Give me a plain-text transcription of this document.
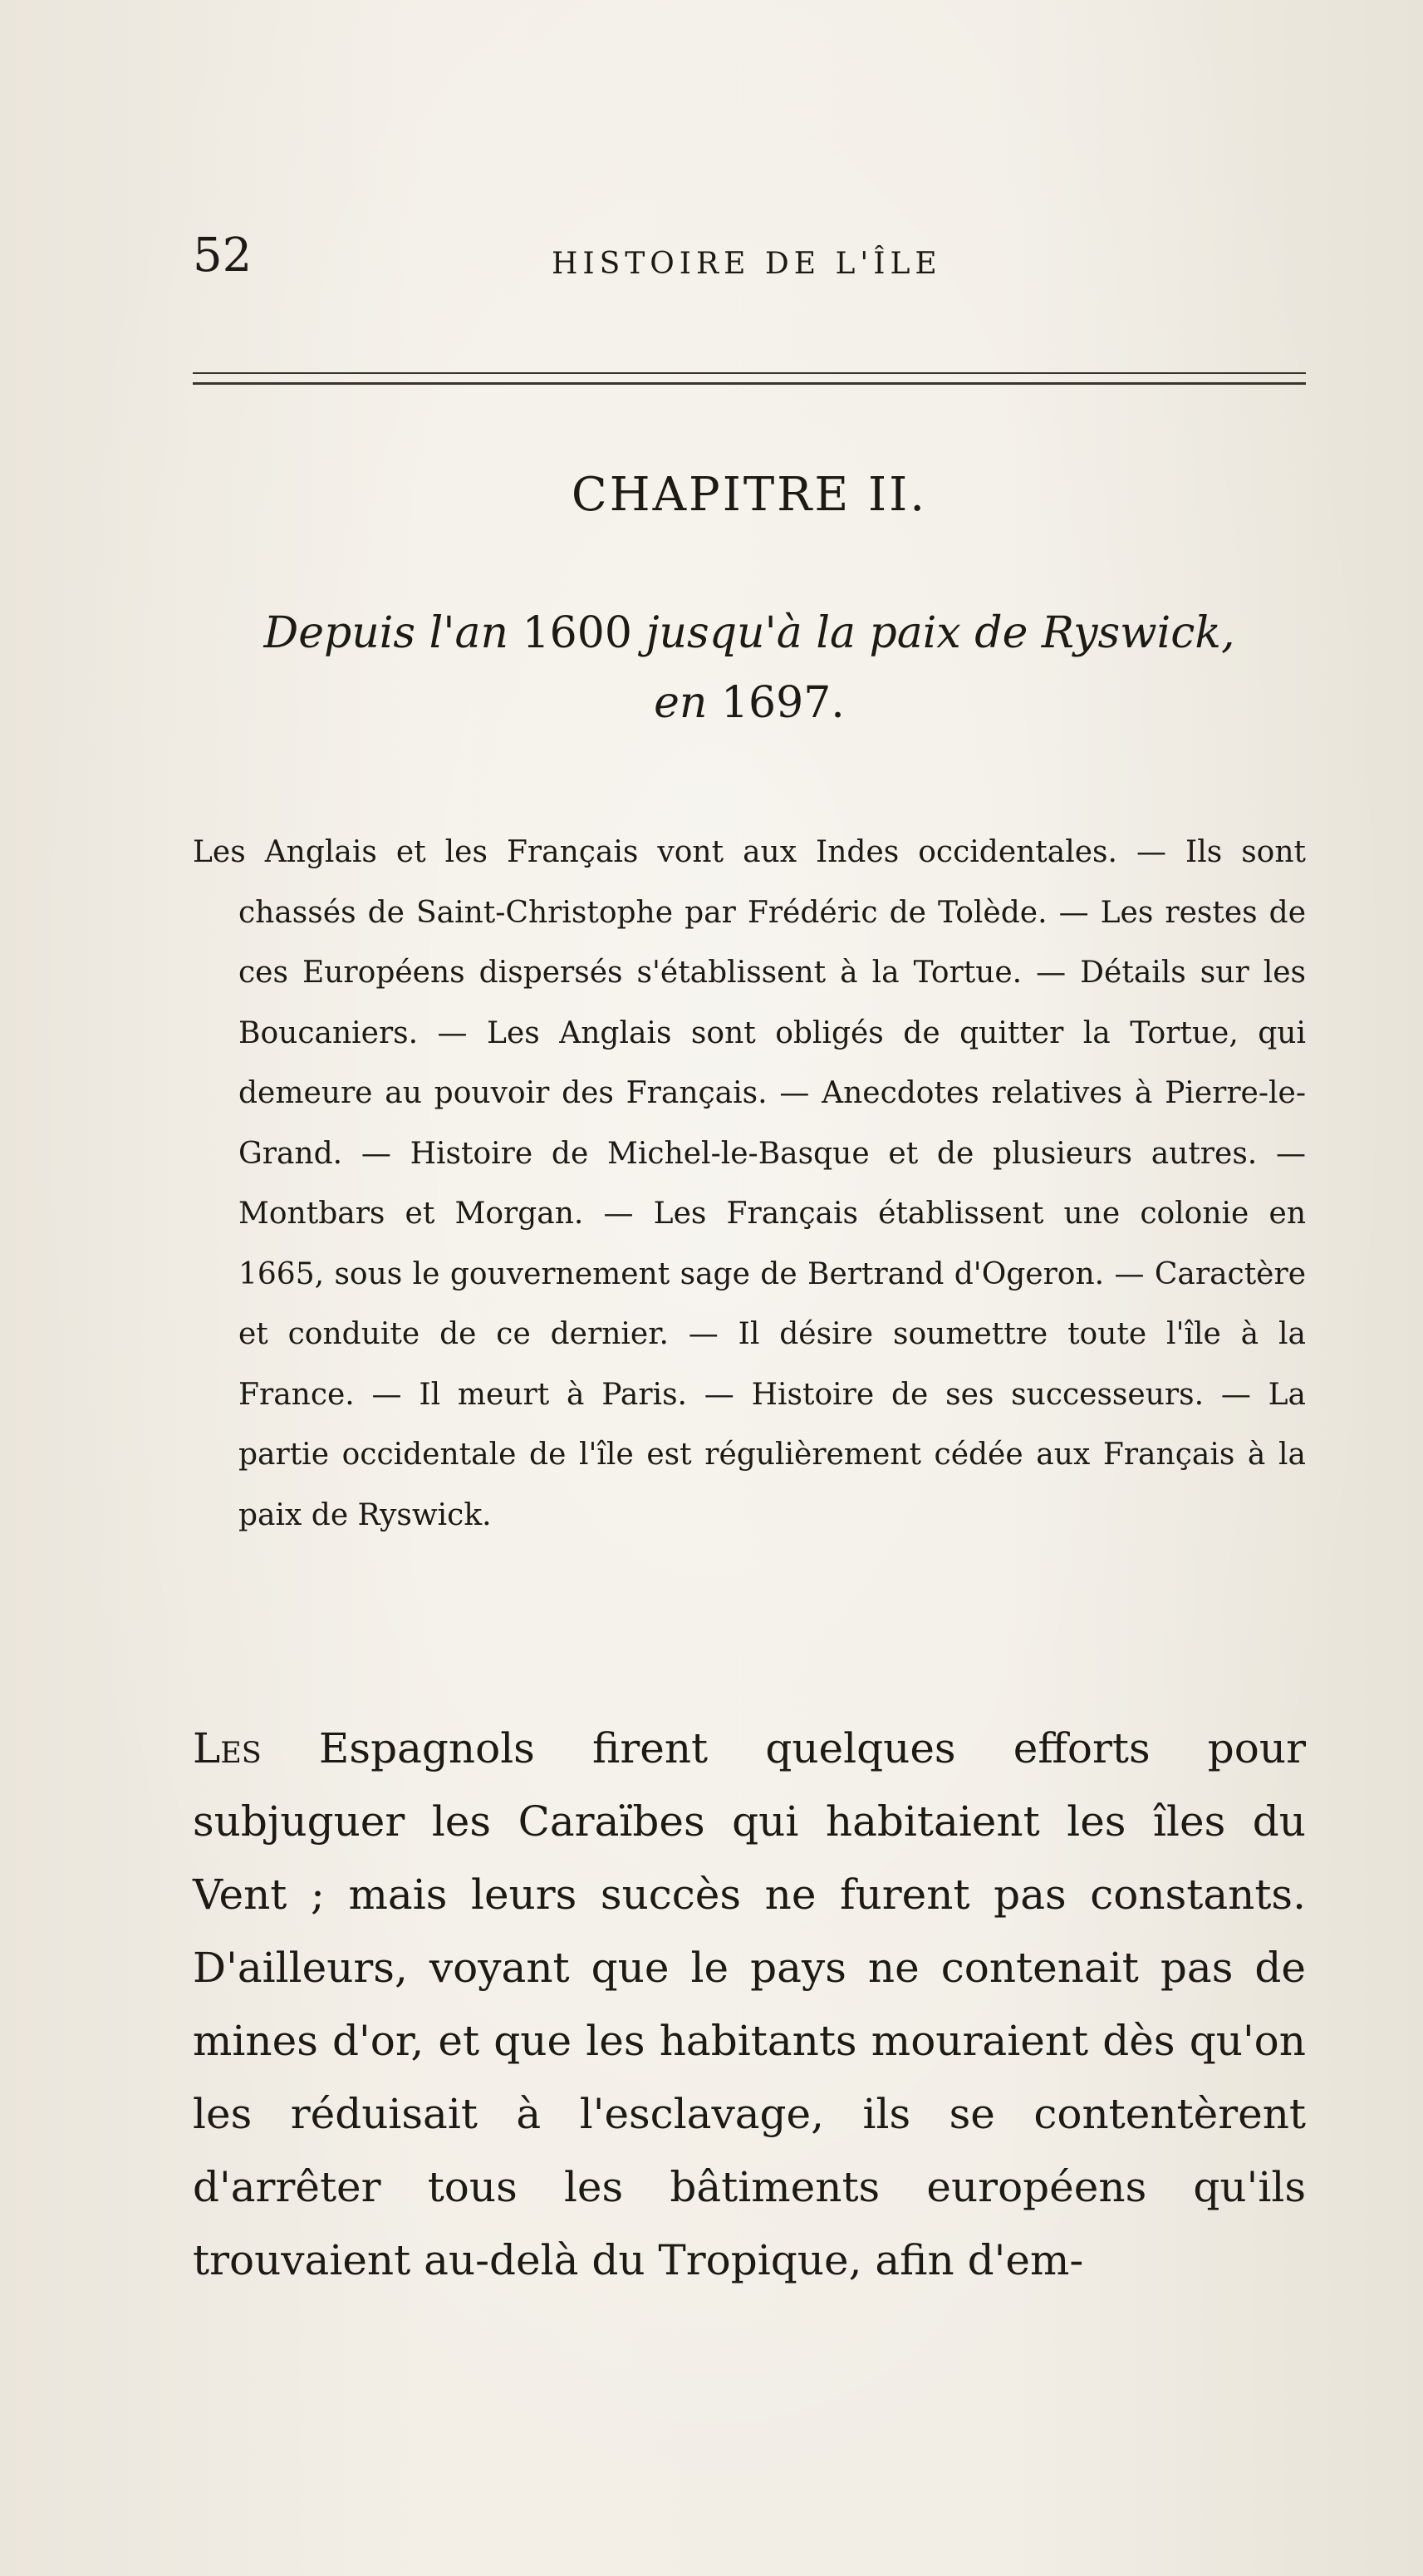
52	HISTOIRE DE L'ÎLE
CHAPITRE II.
Depuis l'an 1600 jusqu'à la paix de Ryswick,
en 1697.
Les Anglais et les Français vont aux Indes occidentales. — Ils sont chassés de Saint-Christophe par Frédéric de Tolède. — Les restes de ces Européens dispersés s'établissent à la Tortue. — Détails sur les Boucaniers. — Les Anglais sont obligés de quitter la Tortue, qui demeure au pouvoir des Français. — Anecdotes relatives à Pierre-le-Grand. — Histoire de Michel-le-Basque et de plusieurs autres. — Montbars et Morgan. — Les Français établissent une colonie en 1665, sous le gouvernement sage de Bertrand d'Ogeron. — Caractère et conduite de ce dernier. — Il désire soumettre toute l'île à la France. — Il meurt à Paris. — Histoire de ses successeurs. — La partie occidentale de l'île est régulièrement cédée aux Français à la paix de Ryswick.
Les Espagnols firent quelques efforts pour subjuguer les Caraïbes qui habitaient les îles du Vent ; mais leurs succès ne furent pas constants. D'ailleurs, voyant que le pays ne contenait pas de mines d'or, et que les habitants mouraient dès qu'on les réduisait à l'esclavage, ils se contentèrent d'arrêter tous les bâtiments européens qu'ils trouvaient au-delà du Tropique, afin d'em-
